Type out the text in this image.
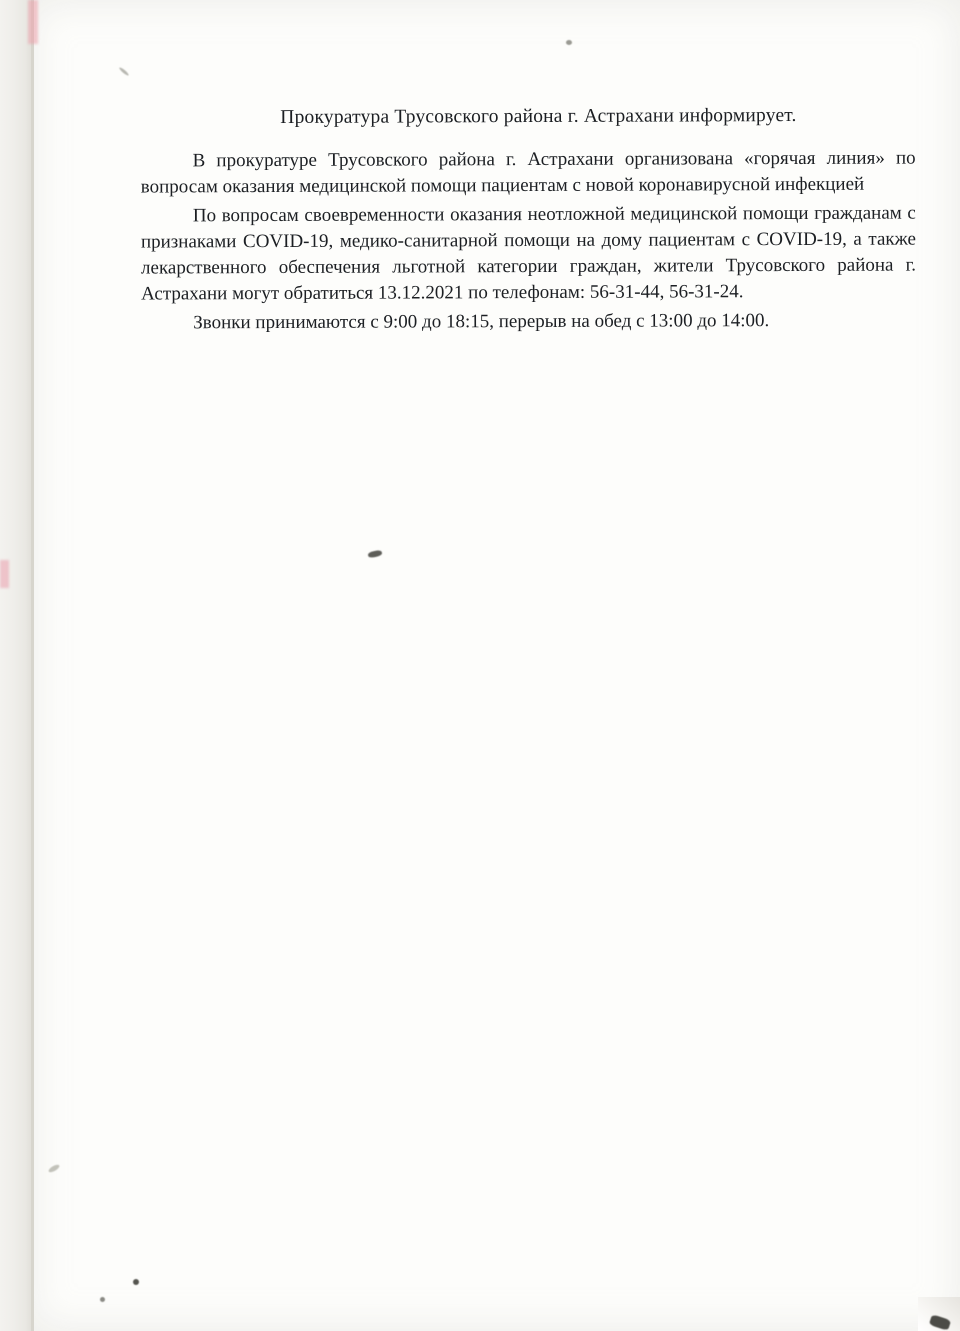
Прокуратура Трусовского района г. Астрахани информирует.

В прокуратуре Трусовского района г. Астрахани организована «горячая линия» по вопросам оказания медицинской помощи пациентам с новой коронавирусной инфекцией

По вопросам своевременности оказания неотложной медицинской помощи гражданам с признаками COVID-19, медико-санитарной помощи на дому пациентам с COVID-19, а также лекарственного обеспечения льготной категории граждан, жители Трусовского района г. Астрахани могут обратиться 13.12.2021 по телефонам: 56-31-44, 56-31-24.

Звонки принимаются с 9:00 до 18:15, перерыв на обед с 13:00 до 14:00.
